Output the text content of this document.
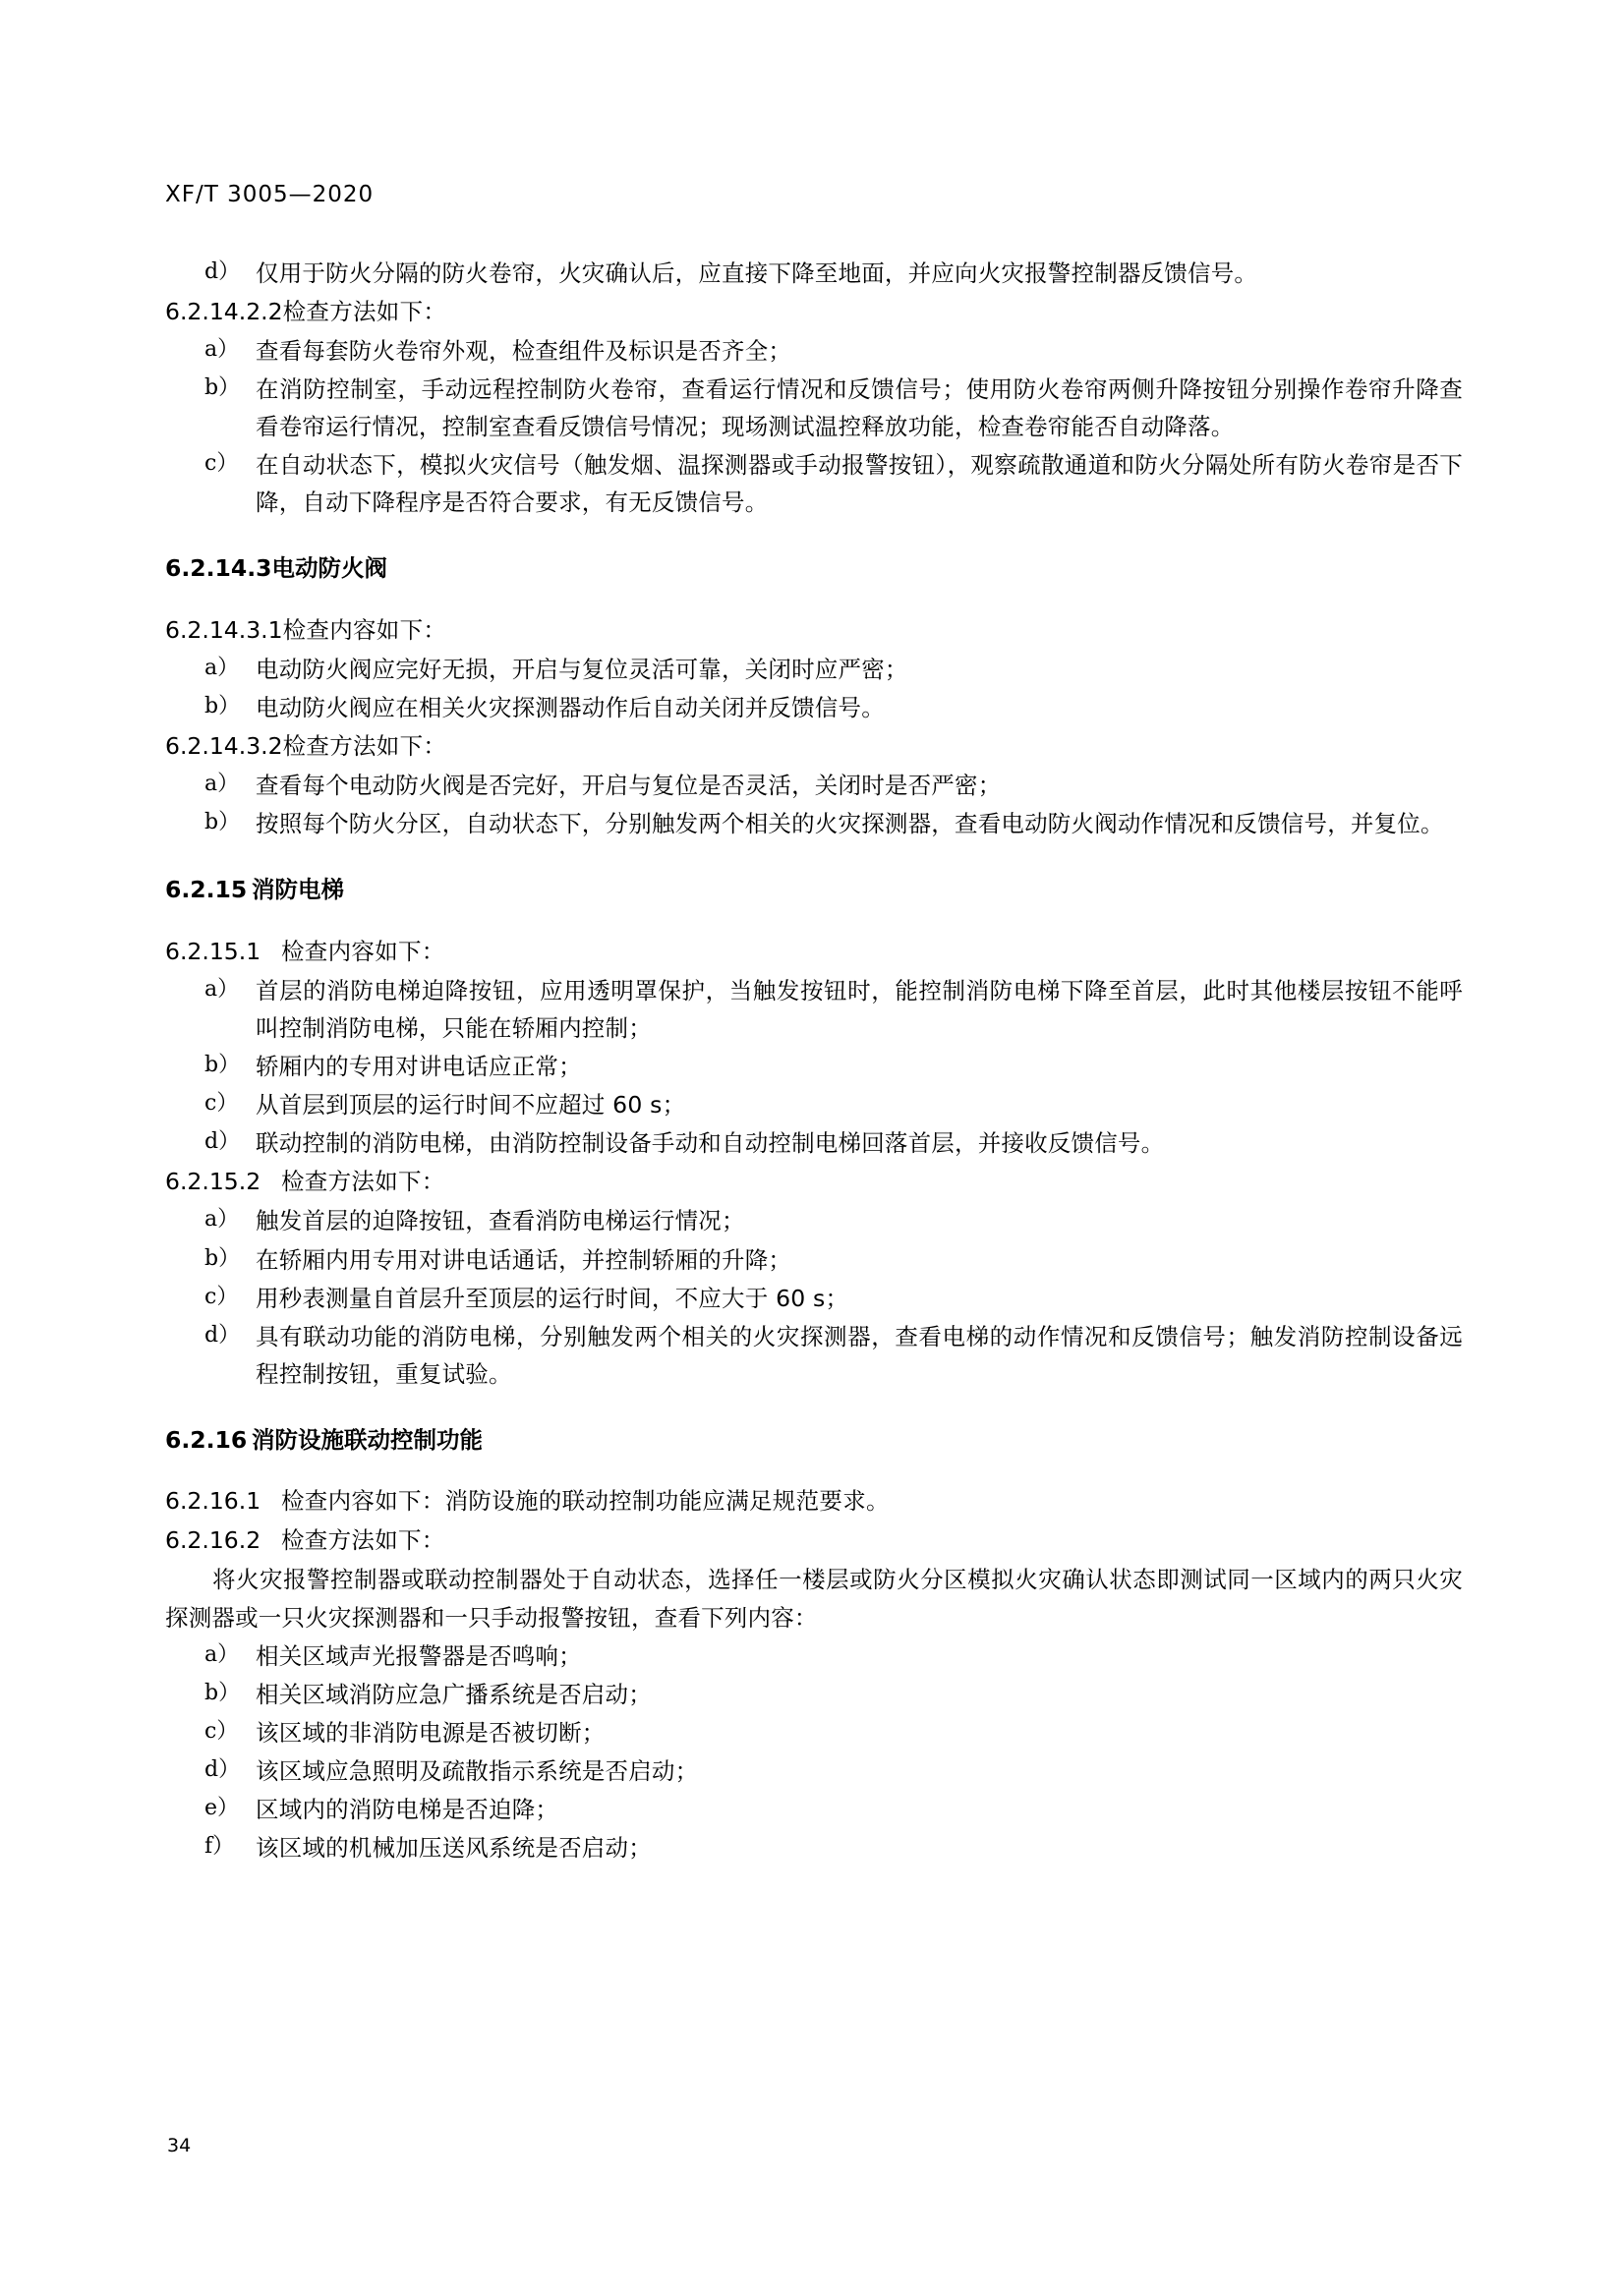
XF/T 3005—2020
d） 仅用于防火分隔的防火卷帘，火灾确认后，应直接下降至地面，并应向火灾报警控制器反馈信号。
6.2.14.2.2检查方法如下：
a） 查看每套防火卷帘外观，检查组件及标识是否齐全；
b） 在消防控制室，手动远程控制防火卷帘，查看运行情况和反馈信号；使用防火卷帘两侧升降按钮分别操作卷帘升降查看卷帘运行情况，控制室查看反馈信号情况；现场测试温控释放功能，检查卷帘能否自动降落。
c） 在自动状态下，模拟火灾信号（触发烟、温探测器或手动报警按钮），观察疏散通道和防火分隔处所有防火卷帘是否下降，自动下降程序是否符合要求，有无反馈信号。
6.2.14.3电动防火阀
6.2.14.3.1检查内容如下：
a） 电动防火阀应完好无损，开启与复位灵活可靠，关闭时应严密；
b） 电动防火阀应在相关火灾探测器动作后自动关闭并反馈信号。
6.2.14.3.2检查方法如下：
a） 查看每个电动防火阀是否完好，开启与复位是否灵活，关闭时是否严密；
b） 按照每个防火分区，自动状态下，分别触发两个相关的火灾探测器，查看电动防火阀动作情况和反馈信号，并复位。
6.2.15 消防电梯
6.2.15.1 检查内容如下：
a） 首层的消防电梯迫降按钮，应用透明罩保护，当触发按钮时，能控制消防电梯下降至首层，此时其他楼层按钮不能呼叫控制消防电梯，只能在轿厢内控制；
b） 轿厢内的专用对讲电话应正常；
c） 从首层到顶层的运行时间不应超过 60 s；
d） 联动控制的消防电梯，由消防控制设备手动和自动控制电梯回落首层，并接收反馈信号。
6.2.15.2 检查方法如下：
a） 触发首层的迫降按钮，查看消防电梯运行情况；
b） 在轿厢内用专用对讲电话通话，并控制轿厢的升降；
c） 用秒表测量自首层升至顶层的运行时间，不应大于 60 s；
d） 具有联动功能的消防电梯，分别触发两个相关的火灾探测器，查看电梯的动作情况和反馈信号；触发消防控制设备远程控制按钮，重复试验。
6.2.16 消防设施联动控制功能
6.2.16.1 检查内容如下：消防设施的联动控制功能应满足规范要求。
6.2.16.2 检查方法如下：
将火灾报警控制器或联动控制器处于自动状态，选择任一楼层或防火分区模拟火灾确认状态即测试同一区域内的两只火灾探测器或一只火灾探测器和一只手动报警按钮，查看下列内容：
a） 相关区域声光报警器是否鸣响；
b） 相关区域消防应急广播系统是否启动；
c） 该区域的非消防电源是否被切断；
d） 该区域应急照明及疏散指示系统是否启动；
e） 区域内的消防电梯是否迫降；
f） 该区域的机械加压送风系统是否启动；
34
